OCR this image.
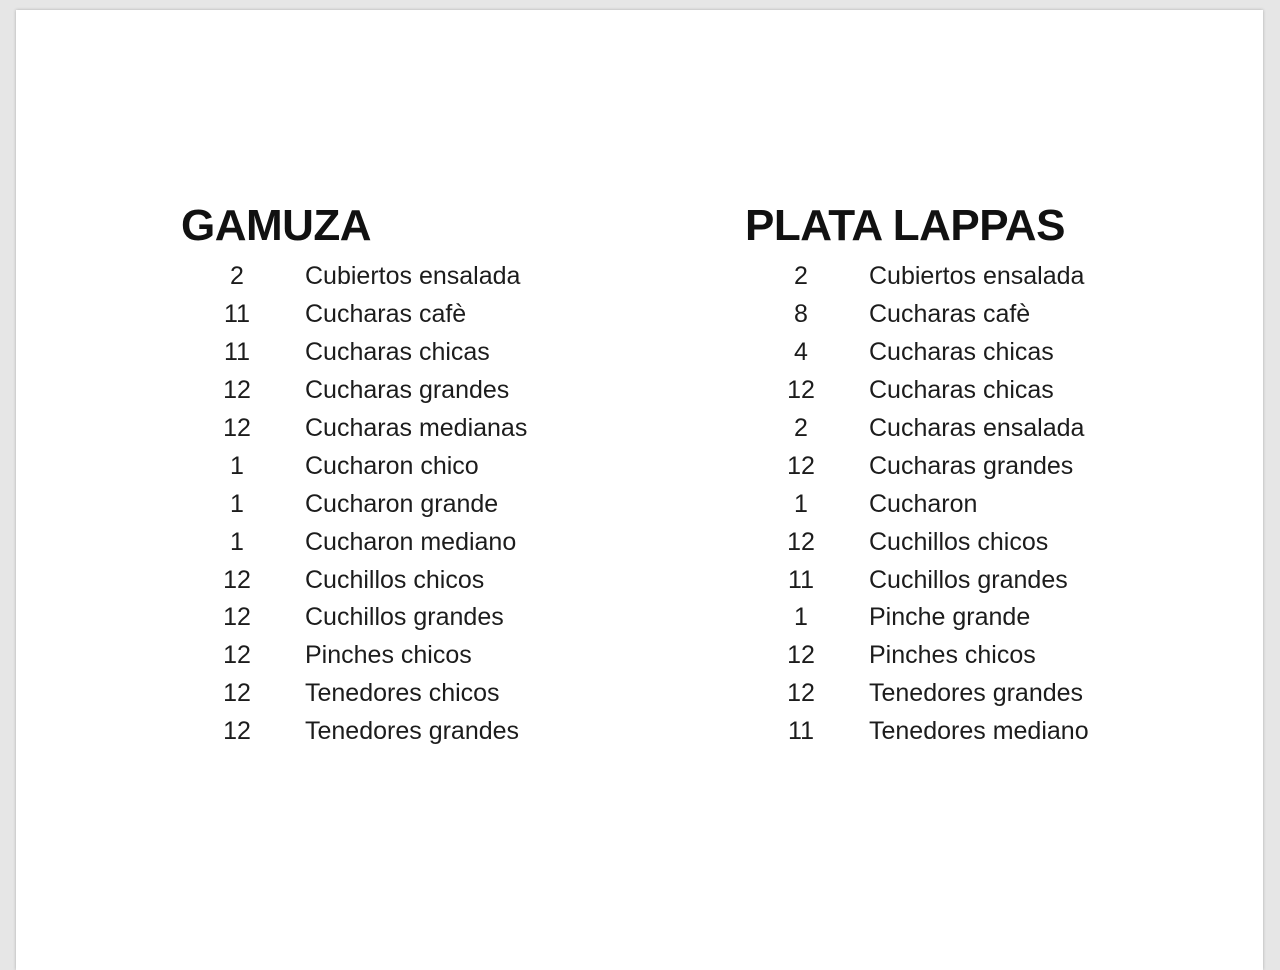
GAMUZA
2	Cubiertos ensalada
11	Cucharas cafè
11	Cucharas chicas
12	Cucharas grandes
12	Cucharas medianas
1	Cucharon chico
1	Cucharon grande
1	Cucharon mediano
12	Cuchillos chicos
12	Cuchillos grandes
12	Pinches chicos
12	Tenedores chicos
12	Tenedores grandes
PLATA LAPPAS
2	Cubiertos ensalada
8	Cucharas cafè
4	Cucharas chicas
12	Cucharas chicas
2	Cucharas ensalada
12	Cucharas grandes
1	Cucharon
12	Cuchillos chicos
11	Cuchillos grandes
1	Pinche grande
12	Pinches chicos
12	Tenedores grandes
11	Tenedores mediano
